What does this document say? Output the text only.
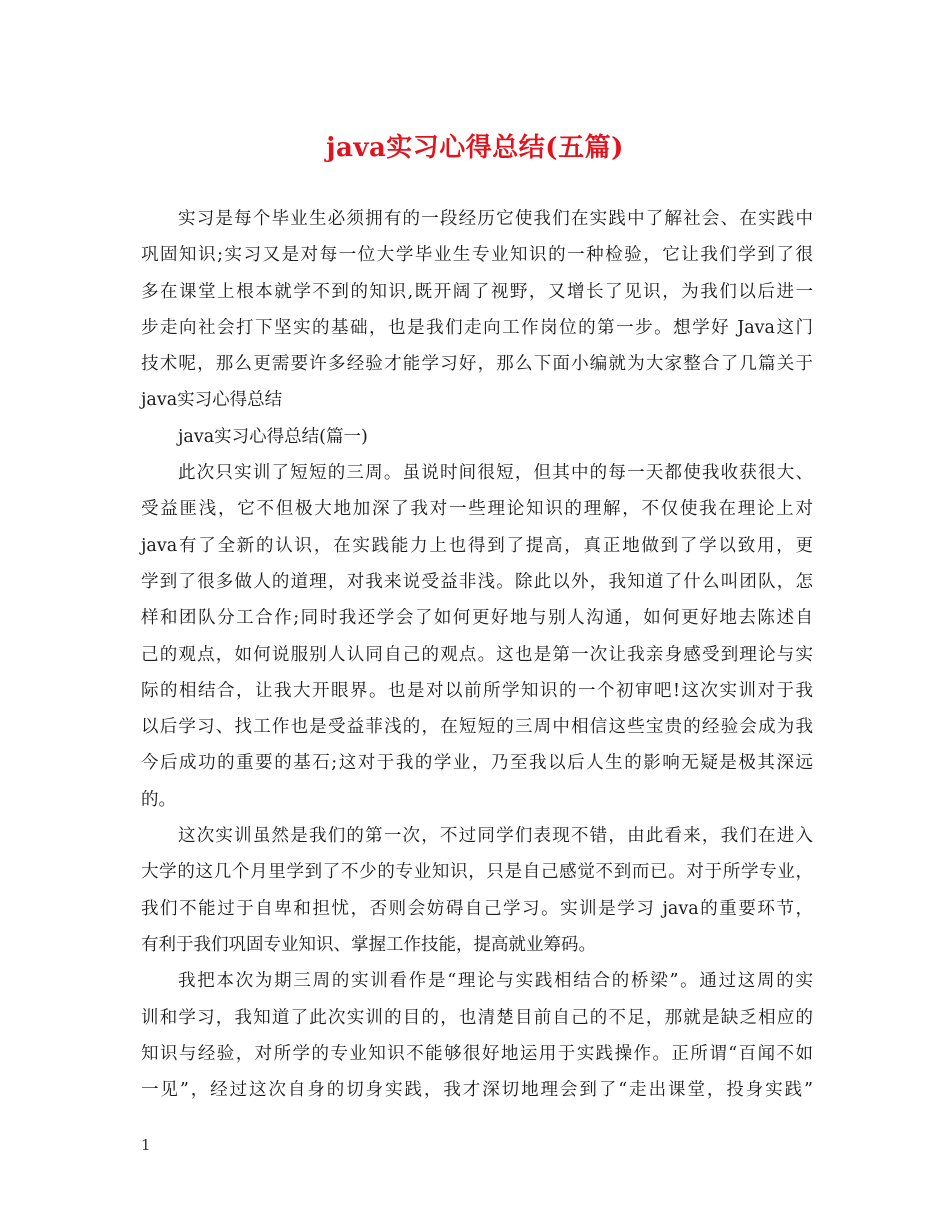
java实习心得总结(五篇)
实习是每个毕业生必须拥有的一段经历它使我们在实践中了解社会、在实践中
巩固知识;实习又是对每一位大学毕业生专业知识的一种检验，它让我们学到了很
多在课堂上根本就学不到的知识,既开阔了视野，又增长了见识，为我们以后进一
步走向社会打下坚实的基础，也是我们走向工作岗位的第一步。想学好 Java这门
技术呢，那么更需要许多经验才能学习好，那么下面小编就为大家整合了几篇关于
java实习心得总结
java实习心得总结(篇一)
此次只实训了短短的三周。虽说时间很短，但其中的每一天都使我收获很大、
受益匪浅，它不但极大地加深了我对一些理论知识的理解，不仅使我在理论上对
java有了全新的认识，在实践能力上也得到了提高，真正地做到了学以致用，更
学到了很多做人的道理，对我来说受益非浅。除此以外，我知道了什么叫团队，怎
样和团队分工合作;同时我还学会了如何更好地与别人沟通，如何更好地去陈述自
己的观点，如何说服别人认同自己的观点。这也是第一次让我亲身感受到理论与实
际的相结合，让我大开眼界。也是对以前所学知识的一个初审吧!这次实训对于我
以后学习、找工作也是受益菲浅的，在短短的三周中相信这些宝贵的经验会成为我
今后成功的重要的基石;这对于我的学业，乃至我以后人生的影响无疑是极其深远
的。
这次实训虽然是我们的第一次，不过同学们表现不错，由此看来，我们在进入
大学的这几个月里学到了不少的专业知识，只是自己感觉不到而已。对于所学专业，
我们不能过于自卑和担忧，否则会妨碍自己学习。实训是学习 java的重要环节，
有利于我们巩固专业知识、掌握工作技能，提高就业筹码。
我把本次为期三周的实训看作是“理论与实践相结合的桥梁”。通过这周的实
训和学习，我知道了此次实训的目的，也清楚目前自己的不足，那就是缺乏相应的
知识与经验，对所学的专业知识不能够很好地运用于实践操作。正所谓“百闻不如
一见”，经过这次自身的切身实践，我才深切地理会到了“走出课堂，投身实践”
1
